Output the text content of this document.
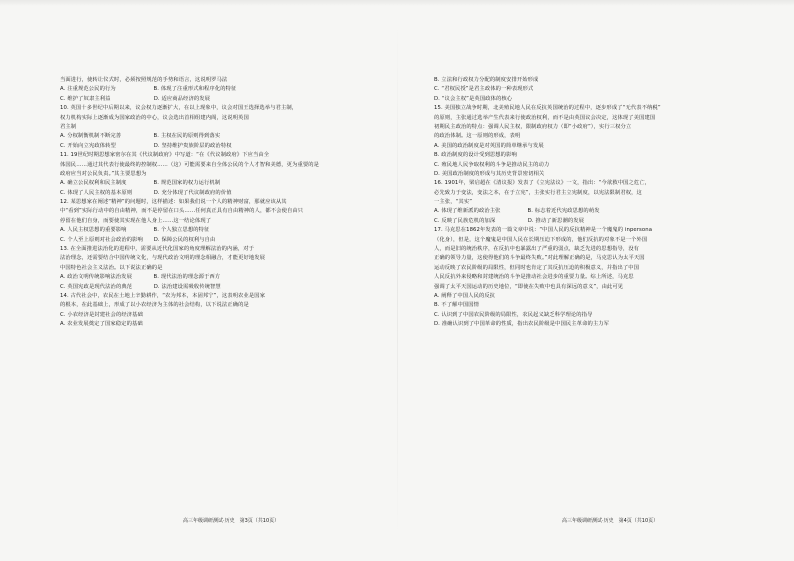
当面进行，使转让仪式时，必须按照规范的手势和语言，这说明罗马法
A. 注重规范公民的行为　　　　　　　B. 体现了注重形式和程序化的特征
C. 维护了奴隶主利益　　　　　　　　D. 适应商品经济的发展
10. 英国十多世纪中后期以来，议会权力逐渐扩大，在以上现象中，议会对国王选择选举与君主制，
权力机构实际上逐渐成为国家政治的中心，议会选出首相组建内阁，这说明英国
君主制
A. 分权制衡机制不断完善　　　　　　B. 主权在民的原则得到落实
C. 开始向立宪政体转型　　　　　　　D. 坚持维护贵族阶层的政治特权
11. 19世纪时期思想家密尔在其《代议制政府》中写道：“在《代议制政府》下应当由全
体国民……通过其代表行使最终的控制权……（这）可能需要来自全体公民的个人才智和美德，更为重要的是
政府应当对公民负责。”其主要思想为
A. 确立公民权利和民主制度　　　　　B. 规范国家的权力运行机制
C. 体现了人民主权的基本原则　　　　D. 充分体现了代议制政府的价值
12. 某思想家在阐述“精神”的问题时，这样描述：如果我们说一个人的精神财富，那就应该从其
中“看到”实际行动中的自由精神，而不是停留在口头……任何真正具有自由精神的人，都不会使自由只
停留在他们自身，而要使其实现在他人身上……这一结论体现了
A. 人民主权思想的重要影响　　　　　B. 个人独立思想的特征
C. 个人至上原则对社会政治的影响　　D. 保障公民的权利与自由
13. 在全面推进法治化的进程中，需要从近代化国家的角度理解法治的内涵，对于
法治理念，还需要结合中国传统文化，与现代政治文明的理念相融合，才能更好地发展
中国特色社会主义法治。以下说法正确的是
A. 政治文明传统影响法治发展　　　　B. 现代法治的理念源于西方
C. 英国宪政是现代法治的典范　　　　D. 法治建设需吸收传统智慧
14. 古代社会中，农民在土地上辛勤耕作，“农为邦本，本固邦宁”，这表明农业是国家
的根本，在此基础上，形成了以小农经济为主体的社会结构，以下说法正确的是
C. 小农经济是封建社会的经济基础
A. 农业发展奠定了国家稳定的基础
B. 立法和行政权力分配的制度安排开始形成
C. “君权民授”是君主政体的一种表现形式
D. “议会主权”是英国政体的核心
15. 美国独立战争时期，北美殖民地人民在反抗英国统治的过程中，逐步形成了“无代表不纳税”
的原则，主张通过选举产生代表来行使政治权利，而不是由英国议会决定，这体现了美国建国
初期民主政治的特点：强调人民主权，限制政府权力（即“小政府”），实行三权分立
的政治体制。这一原则的形成，表明
A. 美国的政治制度是对英国的简单继承与发展
B. 政治制度的设计受到思想的影响
C. 殖民地人民争取权利的斗争是推动民主的动力
D. 美国政治制度的形成与其历史背景密切相关
16. 1901年，梁启超在《清议报》发表了《立宪法议》一文，指出：“今欲救中国之危亡，
必先致力于变法，变法之本，在于立宪”，主张实行君主立宪制度，以宪法限制君权，这
一主张，“其实”
A. 体现了维新派的政治主张　　　　　B. 标志着近代宪政思想的萌发
C. 反映了民族危机的加深　　　　　　D. 推动了新思潮的发展
17. 马克思在1862年发表的一篇文章中说：“中国人民的反抗精神是一个魔鬼的 inpersona
（化身），但是，这个魔鬼是中国人民在长期压迫下形成的，他们反抗的对象不是一个外国
人，而是旧的统治秩序，在反抗中也暴露出了严重的弱点，缺乏先进的思想指导，没有
正确的领导力量，这使得他们的斗争最终失败。”对此理解正确的是，马克思认为太平天国
运动反映了农民阶级的局限性，但同时也肯定了其反抗压迫的积极意义，并指出了中国
人民反抗外来侵略和封建统治的斗争是推动社会进步的重要力量。综上所述，马克思
强调了太平天国运动的历史地位，“即使在失败中也具有深远的意义”，由此可见
A. 阐释了中国人民的反抗
B. 不了解中国国情
C. 认识到了中国农民阶级的局限性，农民起义缺乏科学理论的指导
D. 准确认识到了中国革命的性质，指出农民阶级是中国民主革命的主力军
高三年级调研测试·历史　第3页（共10页）	高三年级调研测试·历史　第4页（共10页）
